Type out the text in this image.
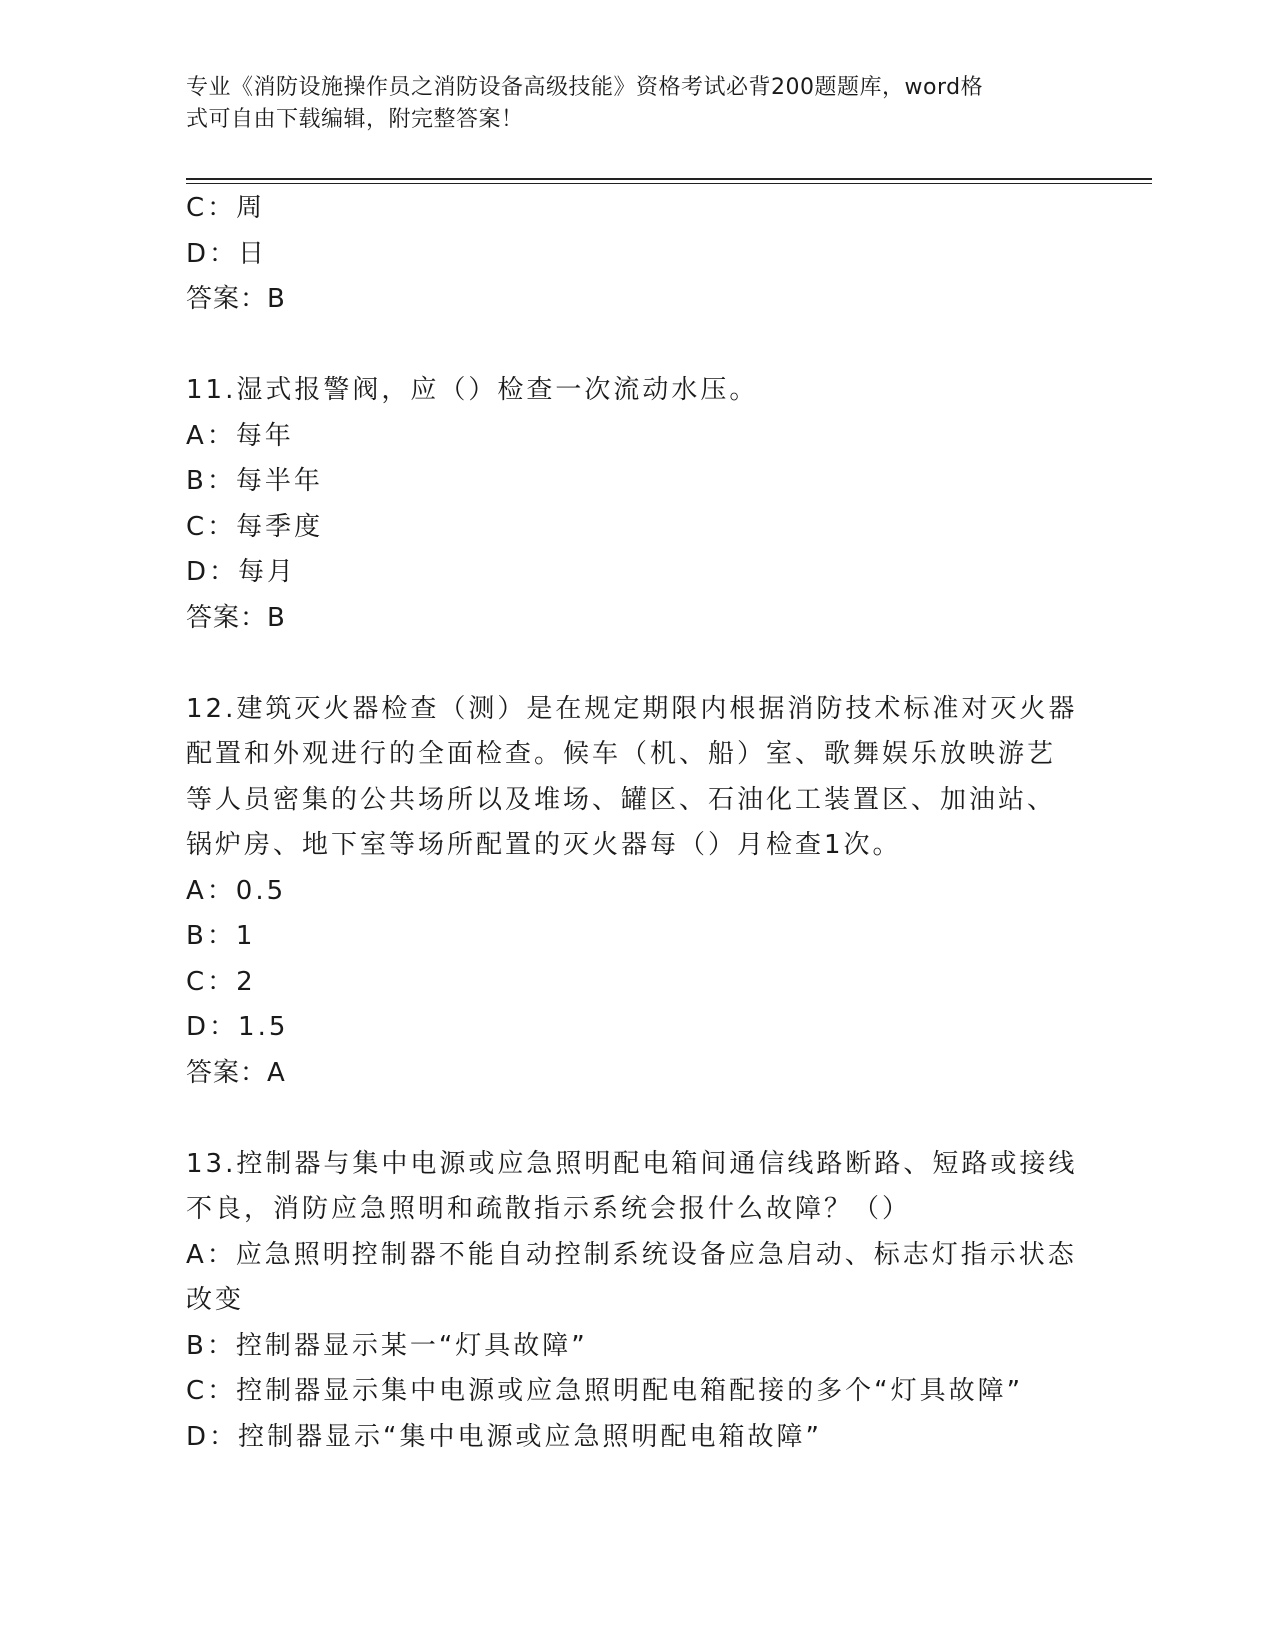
专业《消防设施操作员之消防设备高级技能》资格考试必背200题题库，word格
式可自由下载编辑，附完整答案！
C：周
D：日
答案：B
11.湿式报警阀，应（）检查一次流动水压。
A：每年
B：每半年
C：每季度
D：每月
答案：B
12.建筑灭火器检查（测）是在规定期限内根据消防技术标准对灭火器
配置和外观进行的全面检查。候车（机、船）室、歌舞娱乐放映游艺
等人员密集的公共场所以及堆场、罐区、石油化工装置区、加油站、
锅炉房、地下室等场所配置的灭火器每（）月检查1次。
A：0.5
B：1
C：2
D：1.5
答案：A
13.控制器与集中电源或应急照明配电箱间通信线路断路、短路或接线
不良，消防应急照明和疏散指示系统会报什么故障？（）
A：应急照明控制器不能自动控制系统设备应急启动、标志灯指示状态
改变
B：控制器显示某一“灯具故障”
C：控制器显示集中电源或应急照明配电箱配接的多个“灯具故障”
D：控制器显示“集中电源或应急照明配电箱故障”
